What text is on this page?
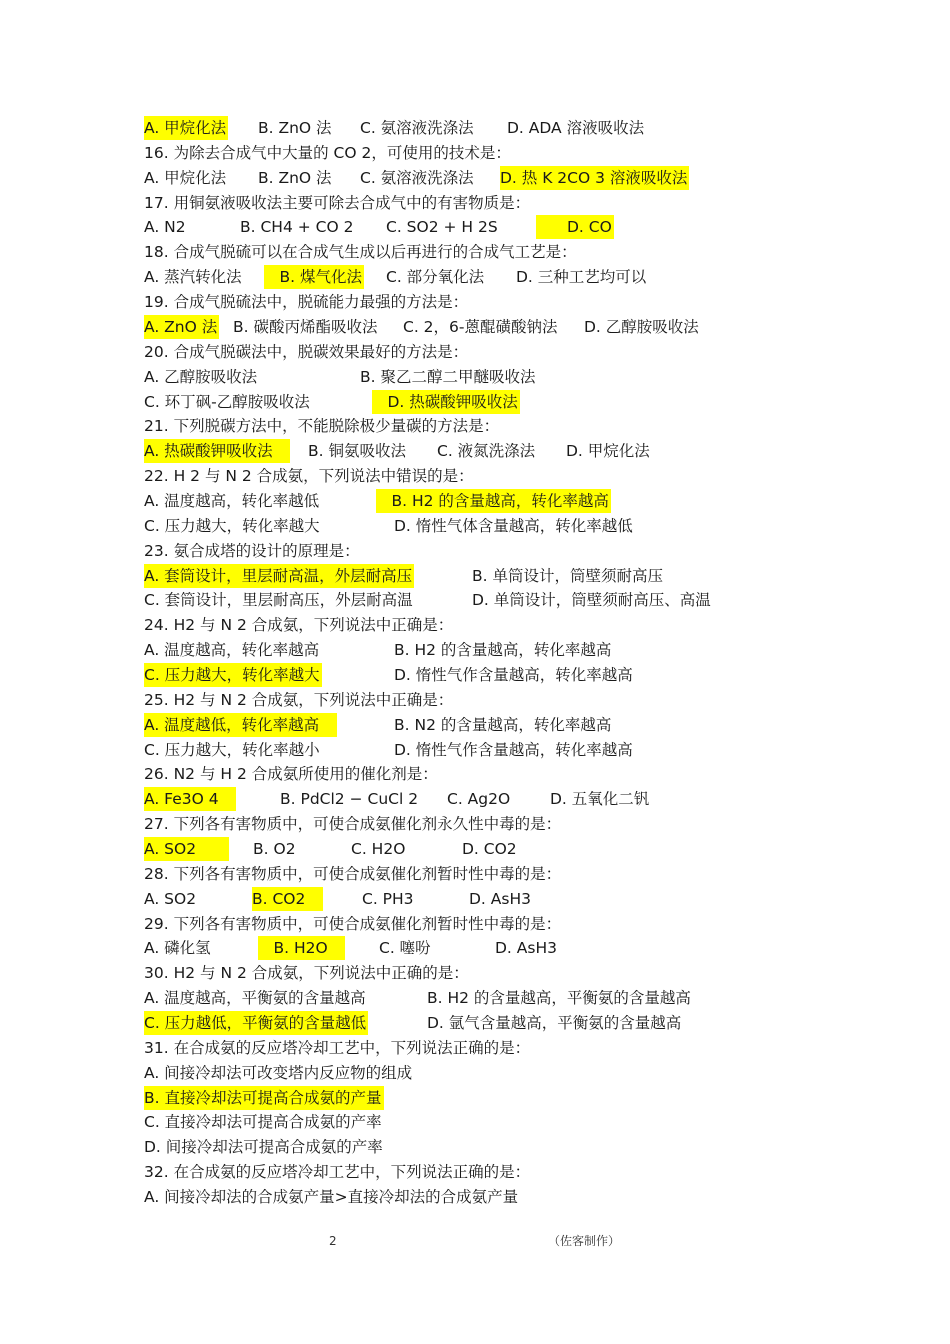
A. 甲烷化法 B. ZnO 法 C. 氨溶液洗涤法 D. ADA 溶液吸收法
16. 为除去合成气中大量的 CO 2，可使用的技术是：
A. 甲烷化法 B. ZnO 法 C. 氨溶液洗涤法 D. 热 K 2CO 3 溶液吸收法
17. 用铜氨液吸收法主要可除去合成气中的有害物质是：
A. N2	B. CH4 + CO 2 C. SO2 + H 2S 　　D. CO
18. 合成气脱硫可以在合成气生成以后再进行的合成气工艺是：
A. 蒸汽转化法 　B. 煤气化法 C. 部分氧化法 D. 三种工艺均可以
19. 合成气脱硫法中，脱硫能力最强的方法是：
A. ZnO 法 B. 碳酸丙烯酯吸收法 C. 2，6-蒽醌磺酸钠法 D. 乙醇胺吸收法
20. 合成气脱碳法中，脱碳效果最好的方法是：
A. 乙醇胺吸收法	B. 聚乙二醇二甲醚吸收法
C. 环丁砜-乙醇胺吸收法	　D. 热碳酸钾吸收法
21. 下列脱碳方法中，不能脱除极少量碳的方法是：
A. 热碳酸钾吸收法　 B. 铜氨吸收法 C. 液氮洗涤法 D. 甲烷化法
22. H 2 与 N 2 合成氨，下列说法中错误的是：
A. 温度越高，转化率越低	　B. H2 的含量越高，转化率越高
C. 压力越大，转化率越大	D. 惰性气体含量越高，转化率越低
23. 氨合成塔的设计的原理是：
A. 套筒设计，里层耐高温，外层耐高压	B. 单筒设计，筒壁须耐高压
C. 套筒设计，里层耐高压，外层耐高温	D. 单筒设计，筒壁须耐高压、高温
24. H2 与 N 2 合成氨，下列说法中正确是：
A. 温度越高，转化率越高	B. H2 的含量越高，转化率越高
C. 压力越大，转化率越大	D. 惰性气作含量越高，转化率越高
25. H2 与 N 2 合成氨，下列说法中正确是：
A. 温度越低，转化率越高　	B. N2 的含量越高，转化率越高
C. 压力越大，转化率越小	D. 惰性气作含量越高，转化率越高
26. N2 与 H 2 合成氨所使用的催化剂是：
A. Fe3O 4　	B. PdCl2 − CuCl 2 C. Ag2O	D. 五氧化二钒
27. 下列各有害物质中，可使合成氨催化剂永久性中毒的是：
A. SO2　　 B. O2	C. H2O	D. CO2
28. 下列各有害物质中，可使合成氨催化剂暂时性中毒的是：
A. SO2	B. CO2　	C. PH3	D. AsH3
29. 下列各有害物质中，可使合成氨催化剂暂时性中毒的是：
A. 磷化氢	　B. H2O　 C. 噻吩	D. AsH3
30. H2 与 N 2 合成氨，下列说法中正确的是：
A. 温度越高，平衡氨的含量越高	B. H2 的含量越高，平衡氨的含量越高
C. 压力越低，平衡氨的含量越低	D. 氩气含量越高，平衡氨的含量越高
31. 在合成氨的反应塔冷却工艺中，下列说法正确的是：
A. 间接冷却法可改变塔内反应物的组成
B. 直接冷却法可提高合成氨的产量
C. 直接冷却法可提高合成氨的产率
D. 间接冷却法可提高合成氨的产率
32. 在合成氨的反应塔冷却工艺中，下列说法正确的是：
A. 间接冷却法的合成氨产量>直接冷却法的合成氨产量
2	（佐客制作）
